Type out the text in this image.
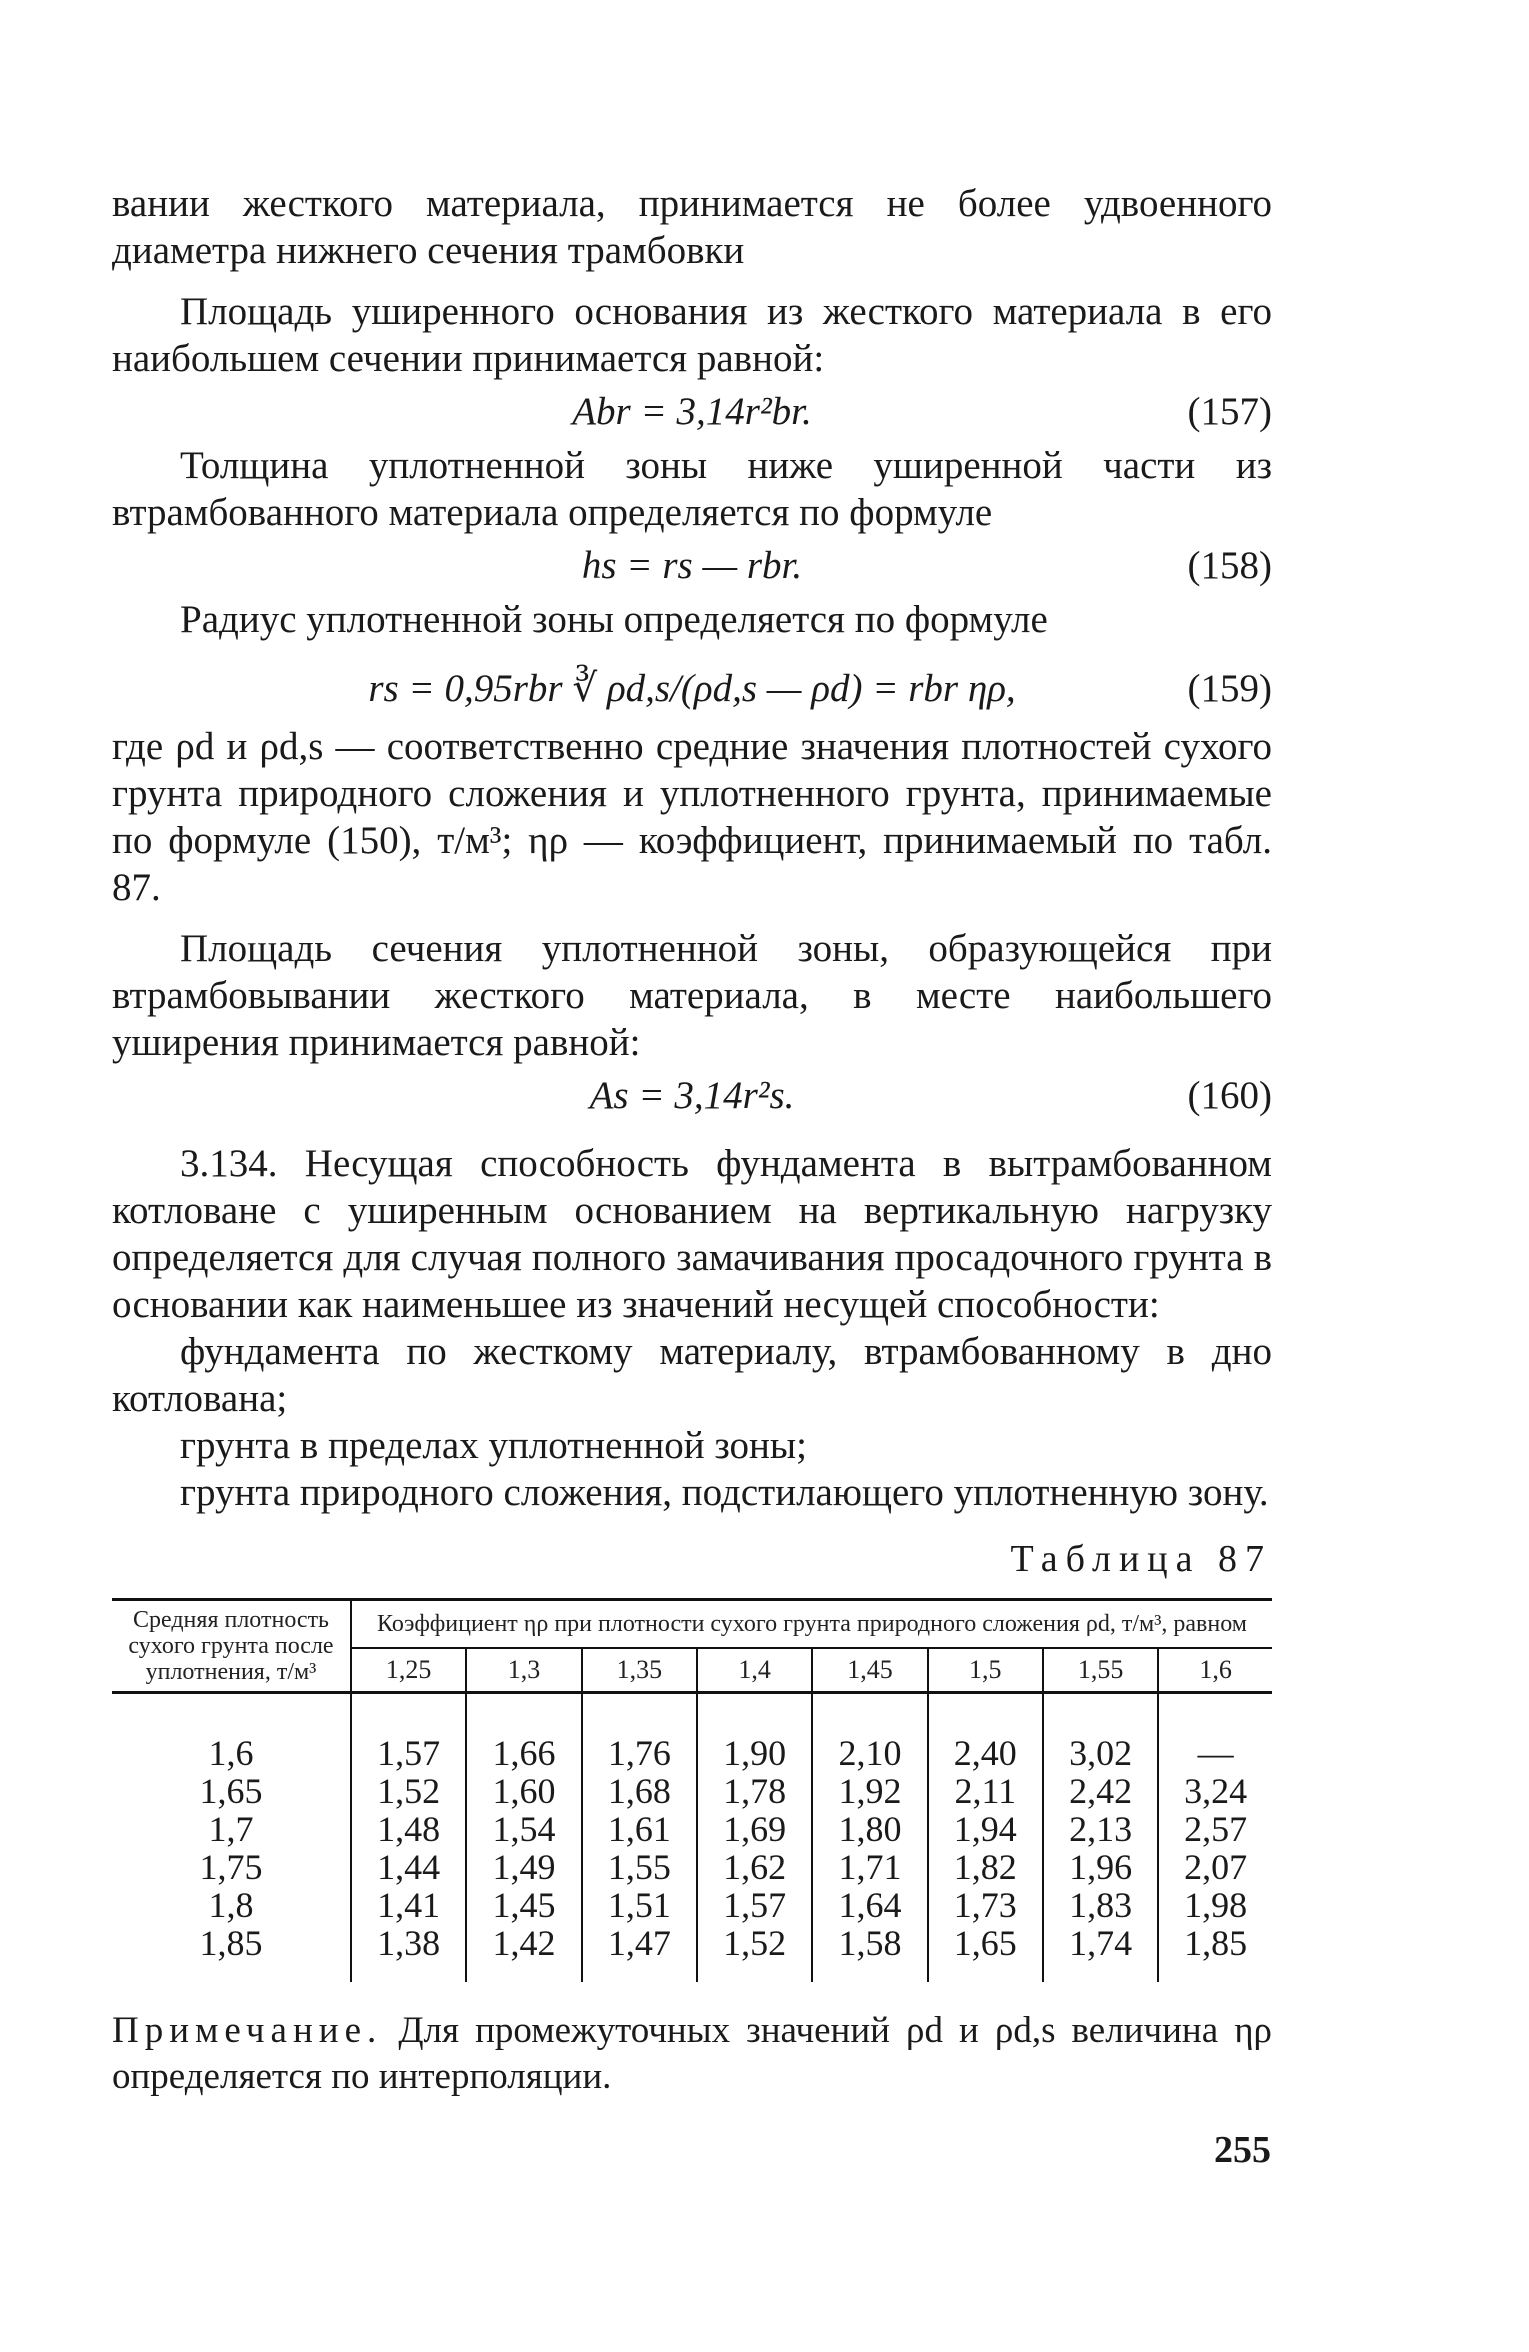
вании жесткого материала, принимается не более удвоенного диаметра нижнего сечения трамбовки

Площадь уширенного основания из жесткого материала в его наибольшем сечении принимается равной:

Abr = 3,14r²br.	(157)

Толщина уплотненной зоны ниже уширенной части из втрамбованного материала определяется по формуле

hs = rs — rbr.	(158)

Радиус уплотненной зоны определяется по формуле

rs = 0,95rbr ∛ ρd,s/(ρd,s — ρd) = rbr ηρ,	(159)

где ρd и ρd,s — соответственно средние значения плотностей сухого грунта природного сложения и уплотненного грунта, принимаемые по формуле (150), т/м³; ηρ — коэффициент, принимаемый по табл. 87.

Площадь сечения уплотненной зоны, образующейся при втрамбовывании жесткого материала, в месте наибольшего уширения принимается равной:

As = 3,14r²s.	(160)

3.134. Несущая способность фундамента в вытрамбованном котловане с уширенным основанием на вертикальную нагрузку определяется для случая полного замачивания просадочного грунта в основании как наименьшее из значений несущей способности:

фундамента по жесткому материалу, втрамбованному в дно котлована;

грунта в пределах уплотненной зоны;

грунта природного сложения, подстилающего уплотненную зону.

Таблица 87
Средняя плотность сухого грунта после уплотнения, т/м³	Коэффициент ηρ при плотности сухого грунта природного сложения ρd, т/м³, равном							
	1,25	1,3	1,35	1,4	1,45	1,5	1,55	1,6
1,6	1,57	1,66	1,76	1,90	2,10	2,40	3,02	—
1,65	1,52	1,60	1,68	1,78	1,92	2,11	2,42	3,24
1,7	1,48	1,54	1,61	1,69	1,80	1,94	2,13	2,57
1,75	1,44	1,49	1,55	1,62	1,71	1,82	1,96	2,07
1,8	1,41	1,45	1,51	1,57	1,64	1,73	1,83	1,98
1,85	1,38	1,42	1,47	1,52	1,58	1,65	1,74	1,85

Примечание. Для промежуточных значений ρd и ρd,s величина ηρ определяется по интерполяции.

255
